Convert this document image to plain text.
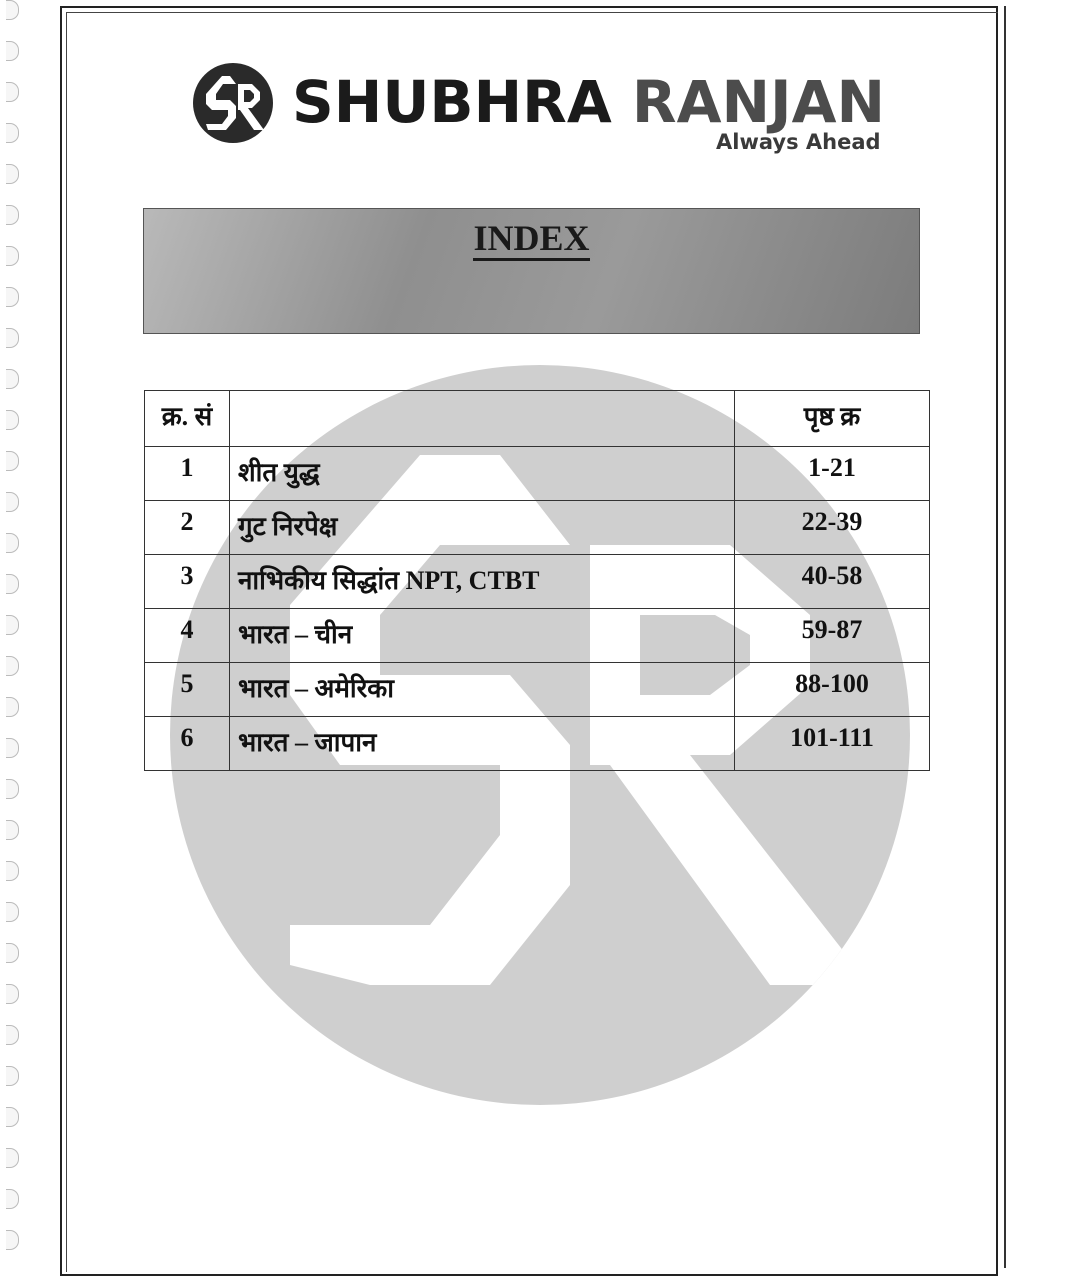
SHUBHRA RANJAN
Always Ahead
INDEX
क्र. सं		पृष्ठ क्र

1	शीत युद्ध	1-21

2	गुट निरपेक्ष	22-39

3	नाभिकीय सिद्धांत NPT, CTBT	40-58

4	भारत – चीन	59-87

5	भारत – अमेरिका	88-100

6	भारत – जापान	101-111
